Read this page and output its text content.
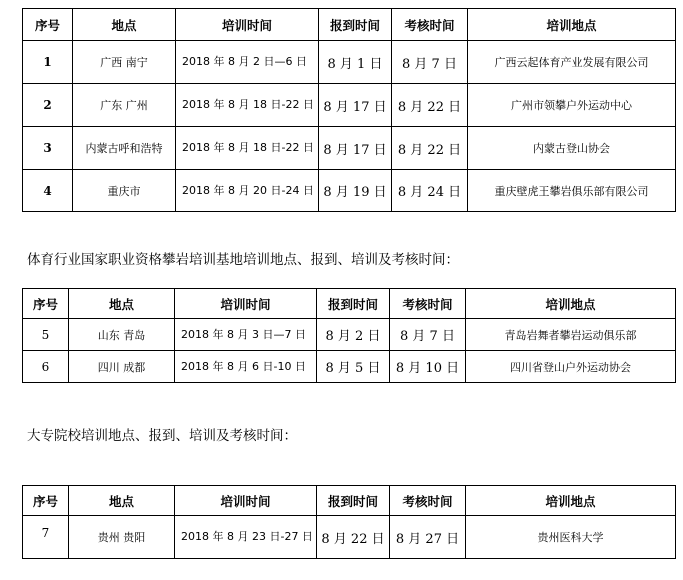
序号	地点	培训时间	报到时间	考核时间	培训地点
1	广西 南宁	2018 年 8 月 2 日—6 日	8 月 1 日	8 月 7 日	广西云起体育产业发展有限公司
2	广东 广州	2018 年 8 月 18 日-22 日	8 月 17 日	8 月 22 日	广州市领攀户外运动中心
3	内蒙古呼和浩特	2018 年 8 月 18 日-22 日	8 月 17 日	8 月 22 日	内蒙古登山协会
4	重庆市	2018 年 8 月 20 日-24 日	8 月 19 日	8 月 24 日	重庆壁虎王攀岩俱乐部有限公司
体育行业国家职业资格攀岩培训基地培训地点、报到、培训及考核时间：
序号	地点	培训时间	报到时间	考核时间	培训地点
5	山东 青岛	2018 年 8 月 3 日—7 日	8 月 2 日	8 月 7 日	青岛岩舞者攀岩运动俱乐部
6	四川 成都	2018 年 8 月 6 日-10 日	8 月 5 日	8 月 10 日	四川省登山户外运动协会
大专院校培训地点、报到、培训及考核时间：
序号	地点	培训时间	报到时间	考核时间	培训地点
7	贵州 贵阳	2018 年 8 月 23 日-27 日	8 月 22 日	8 月 27 日	贵州医科大学
